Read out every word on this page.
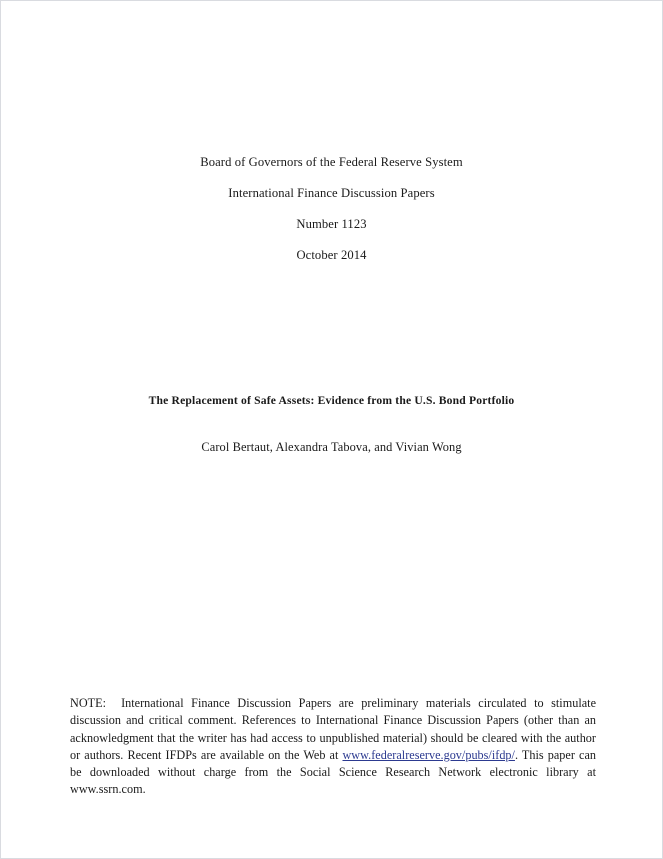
Board of Governors of the Federal Reserve System
International Finance Discussion Papers
Number 1123
October 2014
The Replacement of Safe Assets: Evidence from the U.S. Bond Portfolio
Carol Bertaut, Alexandra Tabova, and Vivian Wong

NOTE: International Finance Discussion Papers are preliminary materials circulated to stimulate discussion and critical comment. References to International Finance Discussion Papers (other than an acknowledgment that the writer has had access to unpublished material) should be cleared with the author or authors. Recent IFDPs are available on the Web at www.federalreserve.gov/pubs/ifdp/. This paper can be downloaded without charge from the Social Science Research Network electronic library at www.ssrn.com.
